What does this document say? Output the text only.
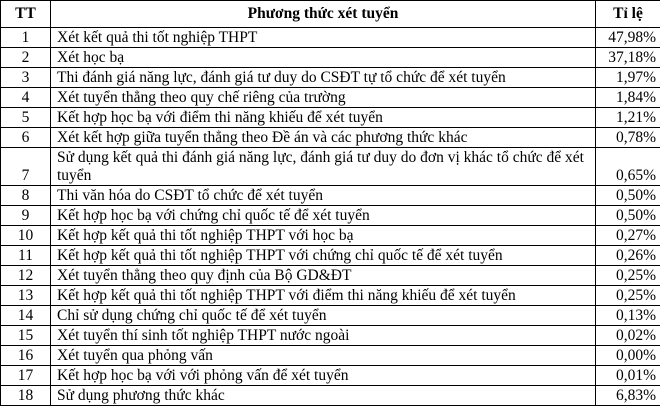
TT	Phương thức xét tuyển	Tỉ lệ
1	Xét kết quả thi tốt nghiệp THPT	47,98%
2	Xét học bạ	37,18%
3	Thi đánh giá năng lực, đánh giá tư duy do CSĐT tự tổ chức để xét tuyển	1,97%
4	Xét tuyển thẳng theo quy chế riêng của trường	1,84%
5	Kết hợp học bạ với điểm thi năng khiếu để xét tuyển	1,21%
6	Xét kết hợp giữa tuyển thẳng theo Đề án và các phương thức khác	0,78%
7	Sử dụng kết quả thi đánh giá năng lực, đánh giá tư duy do đơn vị khác tổ chức để xét tuyển	0,65%
8	Thi văn hóa do CSĐT tổ chức để xét tuyển	0,50%
9	Kết hợp học bạ với chứng chỉ quốc tế để xét tuyển	0,50%
10	Kết hợp kết quả thi tốt nghiệp THPT với học bạ	0,27%
11	Kết hợp kết quả thi tốt nghiệp THPT với chứng chỉ quốc tế để xét tuyển	0,26%
12	Xét tuyển thẳng theo quy định của Bộ GD&ĐT	0,25%
13	Kết hợp kết quả thi tốt nghiệp THPT với điểm thi năng khiếu để xét tuyển	0,25%
14	Chỉ sử dụng chứng chỉ quốc tế để xét tuyển	0,13%
15	Xét tuyển thí sinh tốt nghiệp THPT nước ngoài	0,02%
16	Xét tuyển qua phỏng vấn	0,00%
17	Kết hợp học bạ với với phỏng vấn để xét tuyển	0,01%
18	Sử dụng phương thức khác	6,83%
